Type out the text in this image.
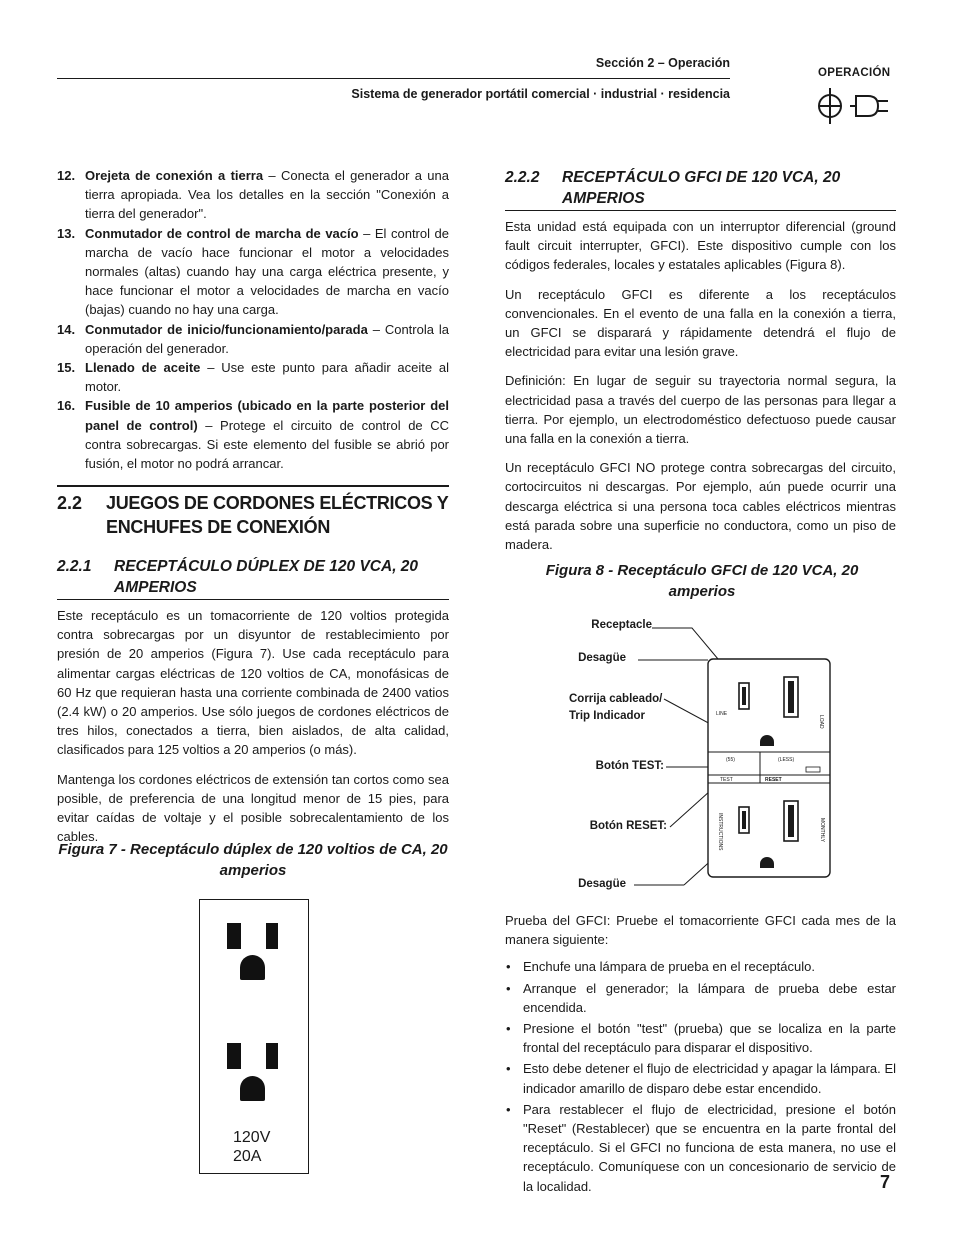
Sección 2 – Operación
Sistema de generador portátil comercial · industrial · residencia
OPERACIÓN
12. Orejeta de conexión a tierra – Conecta el generador a una tierra apropiada. Vea los detalles en la sección "Conexión a tierra del generador".
13. Conmutador de control de marcha de vacío – El control de marcha de vacío hace funcionar el motor a velocidades normales (altas) cuando hay una carga eléctrica presente, y hace funcionar el motor a velocidades de marcha en vacío (bajas) cuando no hay una carga.
14. Conmutador de inicio/funcionamiento/parada – Controla la operación del generador.
15. Llenado de aceite – Use este punto para añadir aceite al motor.
16. Fusible de 10 amperios (ubicado en la parte posterior del panel de control) – Protege el circuito de control de CC contra sobrecargas. Si este elemento del fusible se abrió por fusión, el motor no podrá arrancar.
2.2 JUEGOS DE CORDONES ELÉCTRICOS Y ENCHUFES DE CONEXIÓN
2.2.1 RECEPTÁCULO DÚPLEX DE 120 VCA, 20 AMPERIOS

Este receptáculo es un tomacorriente de 120 voltios protegida contra sobrecargas por un disyuntor de restablecimiento por presión de 20 amperios (Figura 7). Use cada receptáculo para alimentar cargas eléctricas de 120 voltios de CA, monofásicas de 60 Hz que requieran hasta una corriente combinada de 2400 vatios (2.4 kW) o 20 amperios. Use sólo juegos de cordones eléctricos de tres hilos, conectados a tierra, bien aislados, de alta calidad, clasificados para 125 voltios a 20 amperios (o más).

Mantenga los cordones eléctricos de extensión tan cortos como sea posible, de preferencia de una longitud menor de 15 pies, para evitar caídas de voltaje y el posible sobrecalentamiento de los cables.

Figura 7 - Receptáculo dúplex de 120 voltios de CA, 20 amperios
120V
20A
2.2.2 RECEPTÁCULO GFCI DE 120 VCA, 20 AMPERIOS

Esta unidad está equipada con un interruptor diferencial (ground fault circuit interrupter, GFCI). Este dispositivo cumple con los códigos federales, locales y estatales aplicables (Figura 8).

Un receptáculo GFCI es diferente a los receptáculos convencionales. En el evento de una falla en la conexión a tierra, un GFCI se disparará y rápidamente detendrá el flujo de electricidad para evitar una lesión grave.

Definición: En lugar de seguir su trayectoria normal segura, la electricidad pasa a través del cuerpo de las personas para llegar a tierra. Por ejemplo, un electrodoméstico defectuoso puede causar una falla en la conexión a tierra.

Un receptáculo GFCI NO protege contra sobrecargas del circuito, cortocircuitos ni descargas. Por ejemplo, aún puede ocurrir una descarga eléctrica si una persona toca cables eléctricos mientras está parada sobre una superficie no conductora, como un piso de madera.

Figura 8 - Receptáculo GFCI de 120 VCA, 20 amperios
Receptacle
Desagüe
Corrija cableado/
Trip Indicador
Botón TEST:
Botón RESET:
Desagüe
LINE
LOAD
(55)	(LESS)
TEST	RESET
INSTRUCTIONS	MONTHLY

Prueba del GFCI: Pruebe el tomacorriente GFCI cada mes de la manera siguiente:

• Enchufe una lámpara de prueba en el receptáculo.
• Arranque el generador; la lámpara de prueba debe estar encendida.
• Presione el botón "test" (prueba) que se localiza en la parte frontal del receptáculo para disparar el dispositivo.
• Esto debe detener el flujo de electricidad y apagar la lámpara. El indicador amarillo de disparo debe estar encendido.
• Para restablecer el flujo de electricidad, presione el botón "Reset" (Restablecer) que se encuentra en la parte frontal del receptáculo. Si el GFCI no funciona de esta manera, no use el receptáculo. Comuníquese con un concesionario de servicio de la localidad.	7
